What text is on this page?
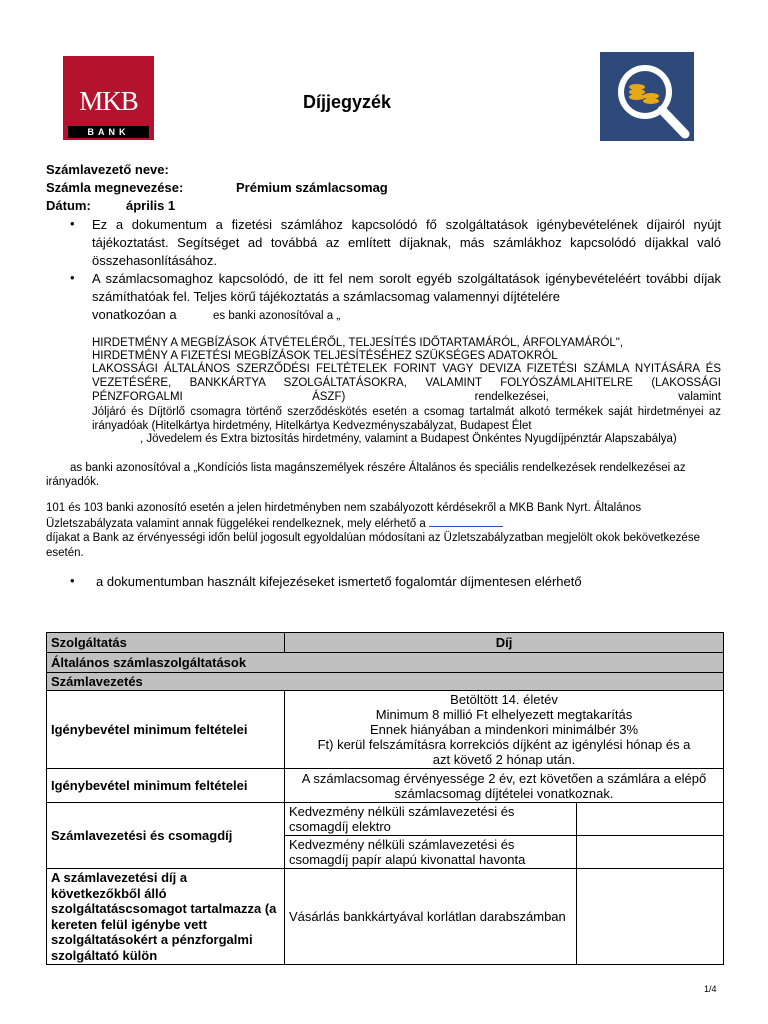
MKB
BANK
Díjjegyzék
Számlavezető neve:
Számla megnevezése:	Prémium számlacsomag
Dátum:	április 1
• Ez a dokumentum a fizetési számlához kapcsolódó fő szolgáltatások igénybevételének díjairól nyújt tájékoztatást. Segítséget ad továbbá az említett díjaknak, más számlákhoz kapcsolódó díjakkal való összehasonlításához.
• A számlacsomaghoz kapcsolódó, de itt fel nem sorolt egyéb szolgáltatások igénybevételéért további díjak számíthatóak fel. Teljes körű tájékoztatás a számlacsomag valamennyi díjtételére
vonatkozóan a	es banki azonosítóval a „
HIRDETMÉNY A MEGBÍZÁSOK ÁTVÉTELÉRŐL, TELJESÍTÉS IDŐTARTAMÁRÓL, ÁRFOLYAMÁRÓL",
HIRDETMÉNY A FIZETÉSI MEGBÍZÁSOK TELJESÍTÉSÉHEZ SZÜKSÉGES ADATOKRÓL
LAKOSSÁGI ÁLTALÁNOS SZERZŐDÉSI FELTÉTELEK FORINT VAGY DEVIZA FIZETÉSI SZÁMLA NYITÁSÁRA ÉS VEZETÉSÉRE, BANKKÁRTYA SZOLGÁLTATÁSOKRA, VALAMINT FOLYÓSZÁMLAHITELRE (LAKOSSÁGI PÉNZFORGALMI ÁSZF) rendelkezései, valamint
Jóljáró és Díjtörlő csomagra történő szerződéskötés esetén a csomag tartalmát alkotó termékek saját hirdetményei az irányadóak (Hitelkártya hirdetmény, Hitelkártya Kedvezményszabályzat, Budapest Élet
, Jövedelem és Extra biztosítás hirdetmény, valamint a Budapest Önkéntes Nyugdíjpénztár Alapszabálya)
as banki azonosítóval a „Kondíciós lista magánszemélyek részére Általános és speciális rendelkezések rendelkezései az irányadók.
101 és 103 banki azonosító esetén a jelen hirdetményben nem szabályozott kérdésekről a MKB Bank Nyrt. Általános Üzletszabályzata valamint annak függelékei rendelkeznek, mely elérhető a
díjakat a Bank az érvényességi időn belül jogosult egyoldalúan módosítani az Üzletszabályzatban megjelölt okok bekövetkezése esetén.
• a dokumentumban használt kifejezéseket ismertető fogalomtár díjmentesen elérhető
Szolgáltatás	Díj	
Általános számlaszolgáltatások		
Számlavezetés		
Igénybevétel minimum feltételei	Betöltött 14. életév
Minimum 8 millió Ft elhelyezett megtakarítás
Ennek hiányában a mindenkori minimálbér 3%
Ft) kerül felszámításra korrekciós díjként az igénylési hónap és a
azt követő 2 hónap után.	

Igénybevétel minimum feltételei	A számlacsomag érvényessége 2 év, ezt követően a számlára a elépő számlacsomag díjtételei vonatkoznak.	
Számlavezetési és csomagdíj	Kedvezmény nélküli számlavezetési és csomagdíj elektro	
	Kedvezmény nélküli számlavezetési és csomagdíj papír alapú kivonattal havonta	
A számlavezetési díj a következőkből álló szolgáltatáscsomagot tartalmazza (a kereten felül igénybe vett szolgáltatásokért a pénzforgalmi szolgáltató külön	Vásárlás bankkártyával korlátlan darabszámban	
1/4
